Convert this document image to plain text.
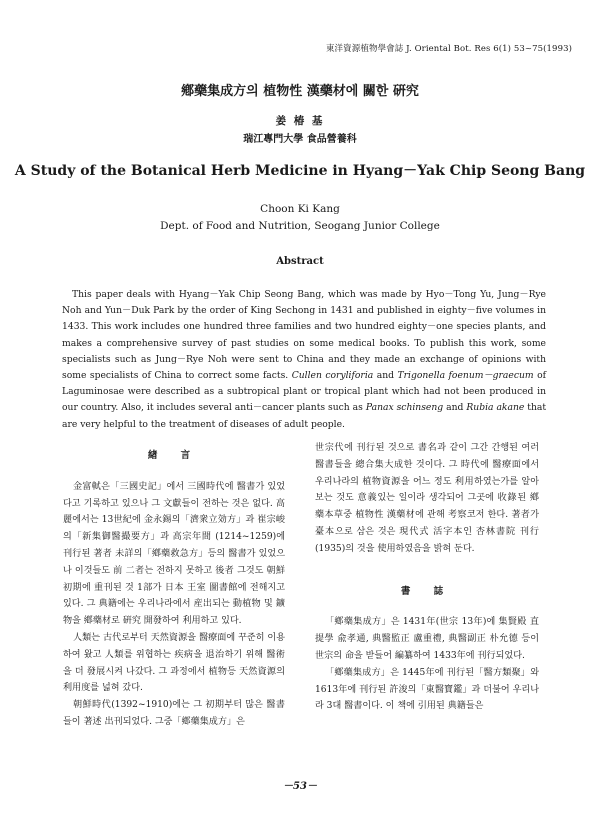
東洋資源植物學會誌 J. Oriental Bot. Res 6(1) 53~75(1993)
鄕藥集成方의 植物性 漢藥材에 關한 硏究
姜 椿 基
瑞江專門大學 食品營養科
A Study of the Botanical Herb Medicine in Hyang－Yak Chip Seong Bang
Choon Ki Kang
Dept. of Food and Nutrition, Seogang Junior College
Abstract

This paper deals with Hyang－Yak Chip Seong Bang, which was made by Hyo－Tong Yu, Jung－Rye Noh and Yun－Duk Park by the order of King Sechong in 1431 and published in eighty－five volumes in 1433. This work includes one hundred three families and two hundred eighty－one species plants, and makes a comprehensive survey of past studies on some medical books. To publish this work, some specialists such as Jung－Rye Noh were sent to China and they made an exchange of opinions with some specialists of China to correct some facts. Cullen coryliforia and Trigonella foenum－graecum of Laguminosae were described as a subtropical plant or tropical plant which had not been produced in our country. Also, it includes several anti－cancer plants such as Panax schinseng and Rubia akane that are very helpful to the treatment of diseases of adult people.

緖 言

金富軾은「三國史記」에서 三國時代에 醫書가 있었다고 기록하고 있으나 그 文獻들이 전하는 것은 없다. 高麗에서는 13世紀에 金永錫의「濟衆立効方」과 崔宗峻의「新集御醫撮要方」과 高宗年間 (1214~1259)에 刊行된 著者 未詳의「鄕藥救急方」등의 醫書가 있었으나 이것들도 前 二者는 전하지 못하고 後者 그것도 朝鮮 初期에 重刊된 것 1部가 日本 王室 圖書館에 전해지고 있다. 그 典籍에는 우리나라에서 産出되는 動植物 및 鑛物을 鄕藥材로 硏究 開發하여 利用하고 있다.

人類는 古代로부터 天然資源을 醫療面에 꾸준히 이용하여 왔고 人類를 위협하는 疾病을 退治하기 위해 醫術을 더 發展시켜 나갔다. 그 과정에서 植物등 天然資源의 利用度를 넓혀 갔다.

朝鮮時代(1392~1910)에는 그 初期부터 많은 醫書들이 著述 出刊되었다. 그중「鄕藥集成方」은

世宗代에 刊行된 것으로 書名과 같이 그간 간행된 여러 醫書들을 總合集大成한 것이다. 그 時代에 醫療面에서 우리나라의 植物資源을 어느 정도 利用하였는가를 알아 보는 것도 意義있는 일이라 생각되어 그곳에 收錄된 鄕藥本草중 植物性 漢藥材에 관해 考察코저 한다. 著者가 臺本으로 삼은 것은 現代式 活字本인 杏林書院 刊行(1935)의 것을 使用하였음을 밝혀 둔다.

書 誌

「鄕藥集成方」은 1431年(世宗 13年)에 集賢殿 直提學 兪孝通, 典醫監正 盧重禮, 典醫副正 朴允德 등이 世宗의 命을 받들어 編纂하여 1433年에 刊行되었다.

「鄕藥集成方」은 1445年에 刊行된「醫方類聚」와 1613年에 刊行된 許浚의「東醫寶鑑」과 더불어 우리나라 3대 醫書이다. 이 책에 引用된 典籍들은

－53－
